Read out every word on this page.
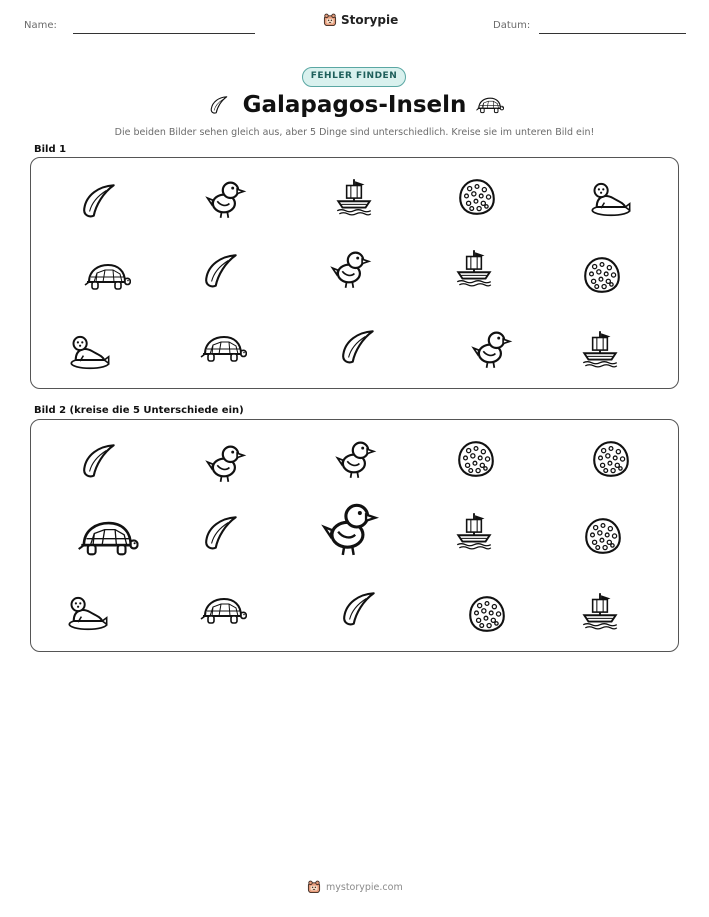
Name:	Storypie	Datum:
FEHLER FINDEN
Galapagos-Inseln
Die beiden Bilder sehen gleich aus, aber 5 Dinge sind unterschiedlich. Kreise sie im unteren Bild ein!
Bild 1
Bild 2 (kreise die 5 Unterschiede ein)
mystorypie.com
